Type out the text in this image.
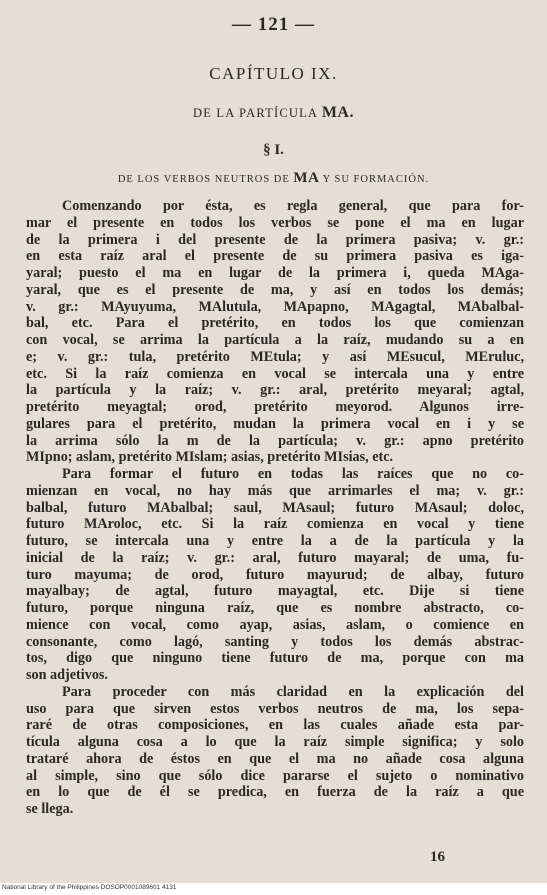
— 121 —
CAPÍTULO IX.
DE LA PARTÍCULA MA.
§ I.
DE LOS VERBOS NEUTROS DE MA Y SU FORMACIÓN.
Comenzando por ésta, es regla general, que para for-
mar el presente en todos los verbos se pone el ma en lugar
de la primera i del presente de la primera pasiva; v. gr.:
en esta raíz aral el presente de su primera pasiva es iga-
yaral; puesto el ma en lugar de la primera i, queda MAga-
yaral, que es el presente de ma, y así en todos los demás;
v. gr.: MAyuyuma, MAlutula, MApapno, MAgagtal, MAbalbal-
bal, etc. Para el pretérito, en todos los que comienzan
con vocal, se arrima la partícula a la raíz, mudando su a en
e; v. gr.: tula, pretérito MEtula; y así MEsucul, MEruluc,
etc. Si la raíz comienza en vocal se intercala una y entre
la partícula y la raíz; v. gr.: aral, pretérito meyaral; agtal,
pretérito meyagtal; orod, pretérito meyorod. Algunos irre-
gulares para el pretérito, mudan la primera vocal en i y se
la arrima sólo la m de la partícula; v. gr.: apno pretérito
MIpno; aslam, pretérito MIslam; asias, pretérito MIsias, etc.
Para formar el futuro en todas las raíces que no co-
mienzan en vocal, no hay más que arrimarles el ma; v. gr.:
balbal, futuro MAbalbal; saul, MAsaul; futuro MAsaul; doloc,
futuro MAroloc, etc. Si la raíz comienza en vocal y tiene
futuro, se intercala una y entre la a de la partícula y la
inicial de la raíz; v. gr.: aral, futuro mayaral; de uma, fu-
turo mayuma; de orod, futuro mayurud; de albay, futuro
mayalbay; de agtal, futuro mayagtal, etc. Dije si tiene
futuro, porque ninguna raíz, que es nombre abstracto, co-
mience con vocal, como ayap, asias, aslam, o comience en
consonante, como lagó, santing y todos los demás abstrac-
tos, digo que ninguno tiene futuro de ma, porque con ma
son adjetivos.
Para proceder con más claridad en la explicación del
uso para que sirven estos verbos neutros de ma, los sepa-
raré de otras composiciones, en las cuales añade esta par-
tícula alguna cosa a lo que la raíz simple significa; y solo
trataré ahora de éstos en que el ma no añade cosa alguna
al simple, sino que sólo dice pararse el sujeto o nominativo
en lo que de él se predica, en fuerza de la raíz a que
se llega.
16
National Library of the Philippines DOSOP0001089601 4131
